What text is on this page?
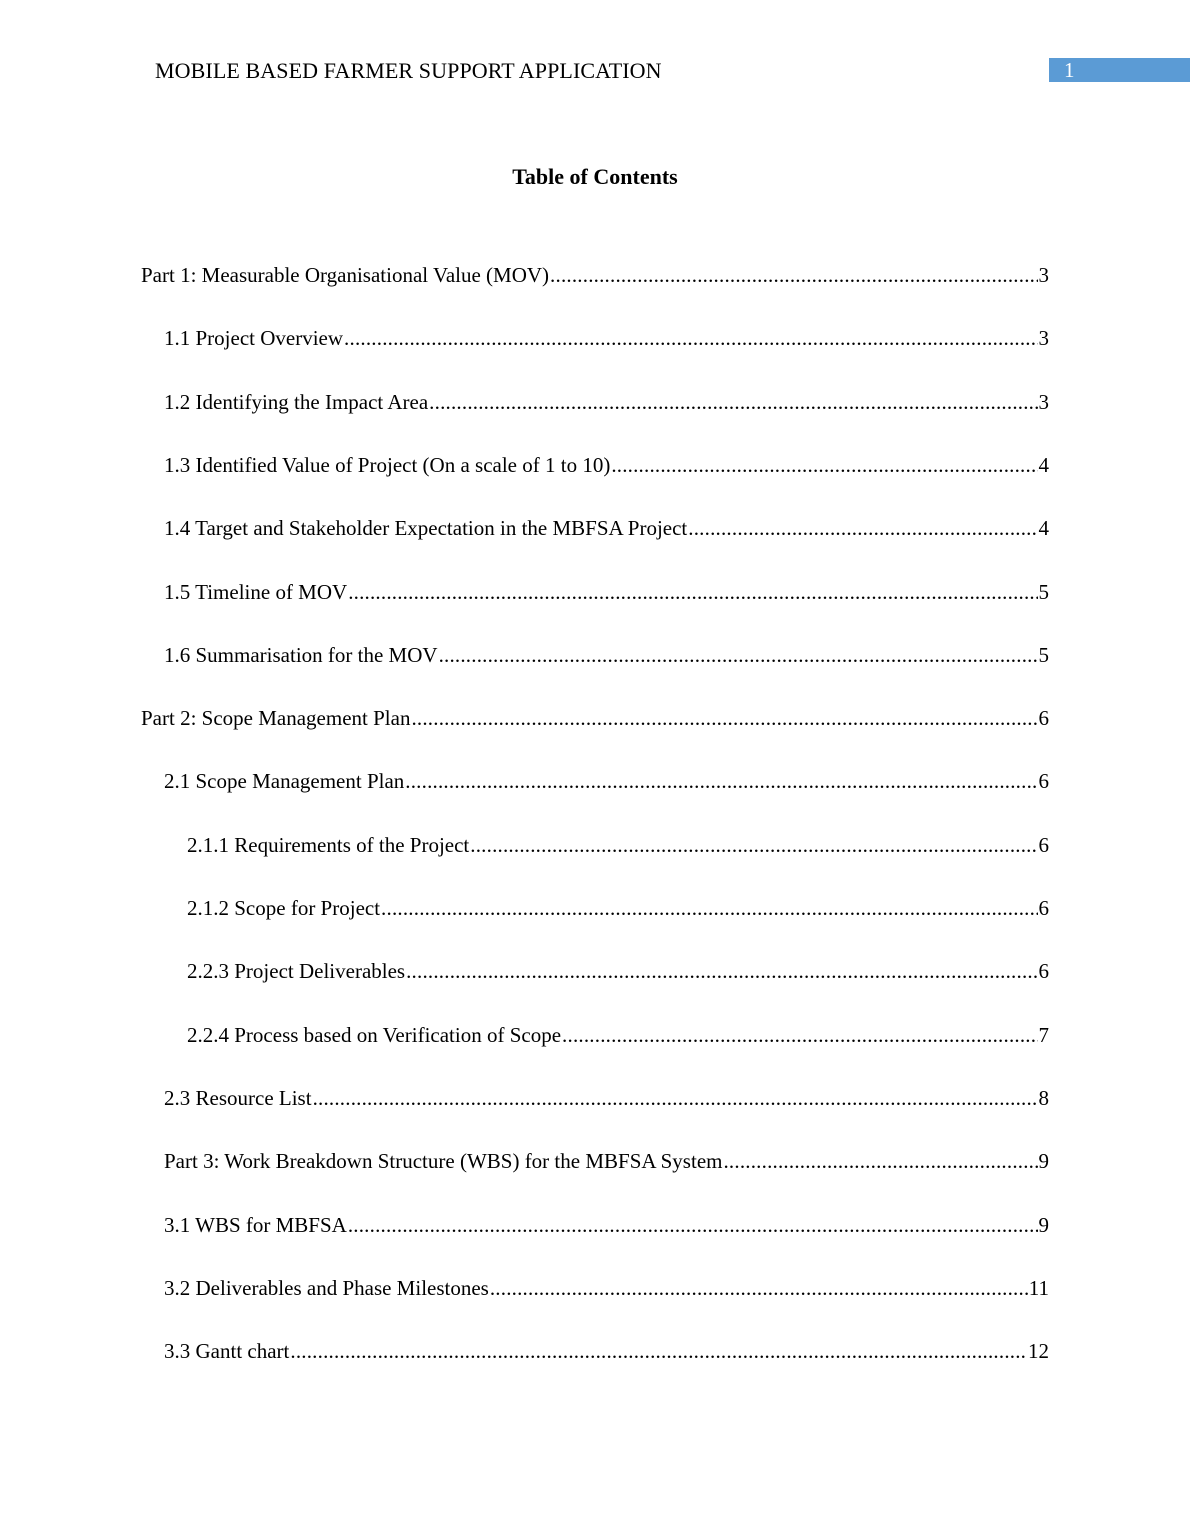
MOBILE BASED FARMER SUPPORT APPLICATION	1
Table of Contents
Part 1: Measurable Organisational Value (MOV) .....	3
1.1 Project Overview .....	3
1.2 Identifying the Impact Area .....	3
1.3 Identified Value of Project (On a scale of 1 to 10) .....	4
1.4 Target and Stakeholder Expectation in the MBFSA Project .....	4
1.5 Timeline of MOV .....	5
1.6 Summarisation for the MOV .....	5
Part 2: Scope Management Plan .....	6
2.1 Scope Management Plan .....	6
2.1.1 Requirements of the Project .....	6
2.1.2 Scope for Project .....	6
2.2.3 Project Deliverables .....	6
2.2.4 Process based on Verification of Scope .....	7
2.3 Resource List .....	8
Part 3: Work Breakdown Structure (WBS) for the MBFSA System .....	9
3.1 WBS for MBFSA .....	9
3.2 Deliverables and Phase Milestones .....	11
3.3 Gantt chart .....	12
